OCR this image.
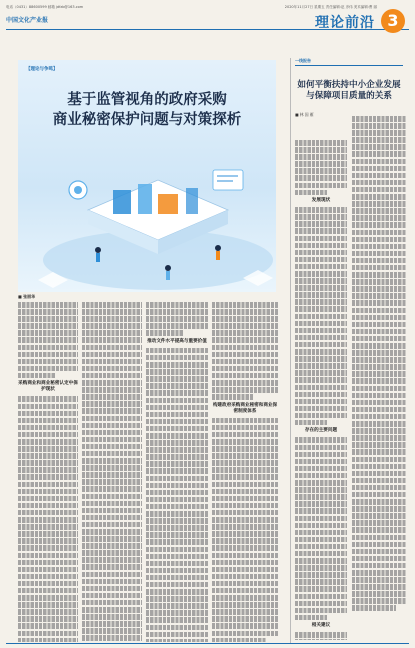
电话（0431）88600599 邮箱 jdfzb@163.com	2020年11月27日 星期五 责任编辑:赵 彦伟 美术编辑:曹 丽
中国文化产业报	理论前沿 3
【理论与争鸣】
基于监管视角的政府采购
商业秘密保护问题与对策探析
■ 张丽华
采购商业和商业秘密认定中保护现状
推动文件水平提高与重要价值
构建政府采购商业秘密和商业保密制度体系
一线报告
如何平衡扶持中小企业发展与保障项目质量的关系
■ 林 国 雁
发展现状
存在的主要问题
相关建议
